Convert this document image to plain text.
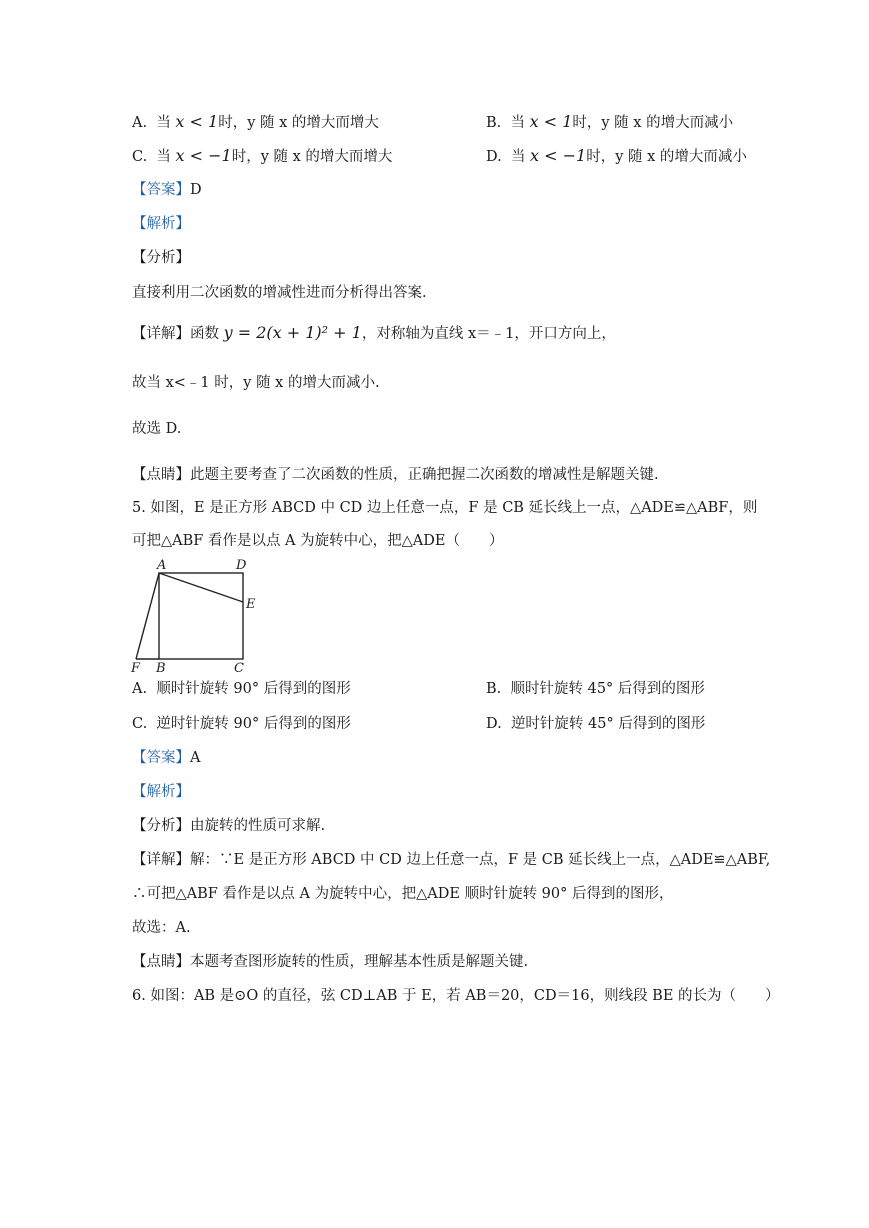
A. 当 x < 1时，y 随 x 的增大而增大	B. 当 x < 1时，y 随 x 的增大而减小
C. 当 x < −1时，y 随 x 的增大而增大	D. 当 x < −1时，y 随 x 的增大而减小
【答案】D
【解析】
【分析】
直接利用二次函数的增减性进而分析得出答案.
【详解】函数 y = 2(x + 1)² + 1，对称轴为直线 x＝﹣1，开口方向上，
故当 x<﹣1 时，y 随 x 的增大而减小.
故选 D.
【点睛】此题主要考查了二次函数的性质，正确把握二次函数的增减性是解题关键.
5. 如图，E 是正方形 ABCD 中 CD 边上任意一点，F 是 CB 延长线上一点，△ADE≌△ABF，则
可把△ABF 看作是以点 A 为旋转中心，把△ADE（　　）
A	D
E
F B	C
A. 顺时针旋转 90° 后得到的图形	B. 顺时针旋转 45° 后得到的图形
C. 逆时针旋转 90° 后得到的图形	D. 逆时针旋转 45° 后得到的图形
【答案】A
【解析】
【分析】由旋转的性质可求解.
【详解】解：∵E 是正方形 ABCD 中 CD 边上任意一点，F 是 CB 延长线上一点，△ADE≌△ABF,
∴可把△ABF 看作是以点 A 为旋转中心，把△ADE 顺时针旋转 90° 后得到的图形，
故选：A.
【点睛】本题考查图形旋转的性质，理解基本性质是解题关键.
6. 如图：AB 是⊙O 的直径，弦 CD⊥AB 于 E，若 AB＝20，CD＝16，则线段 BE 的长为（　　）
